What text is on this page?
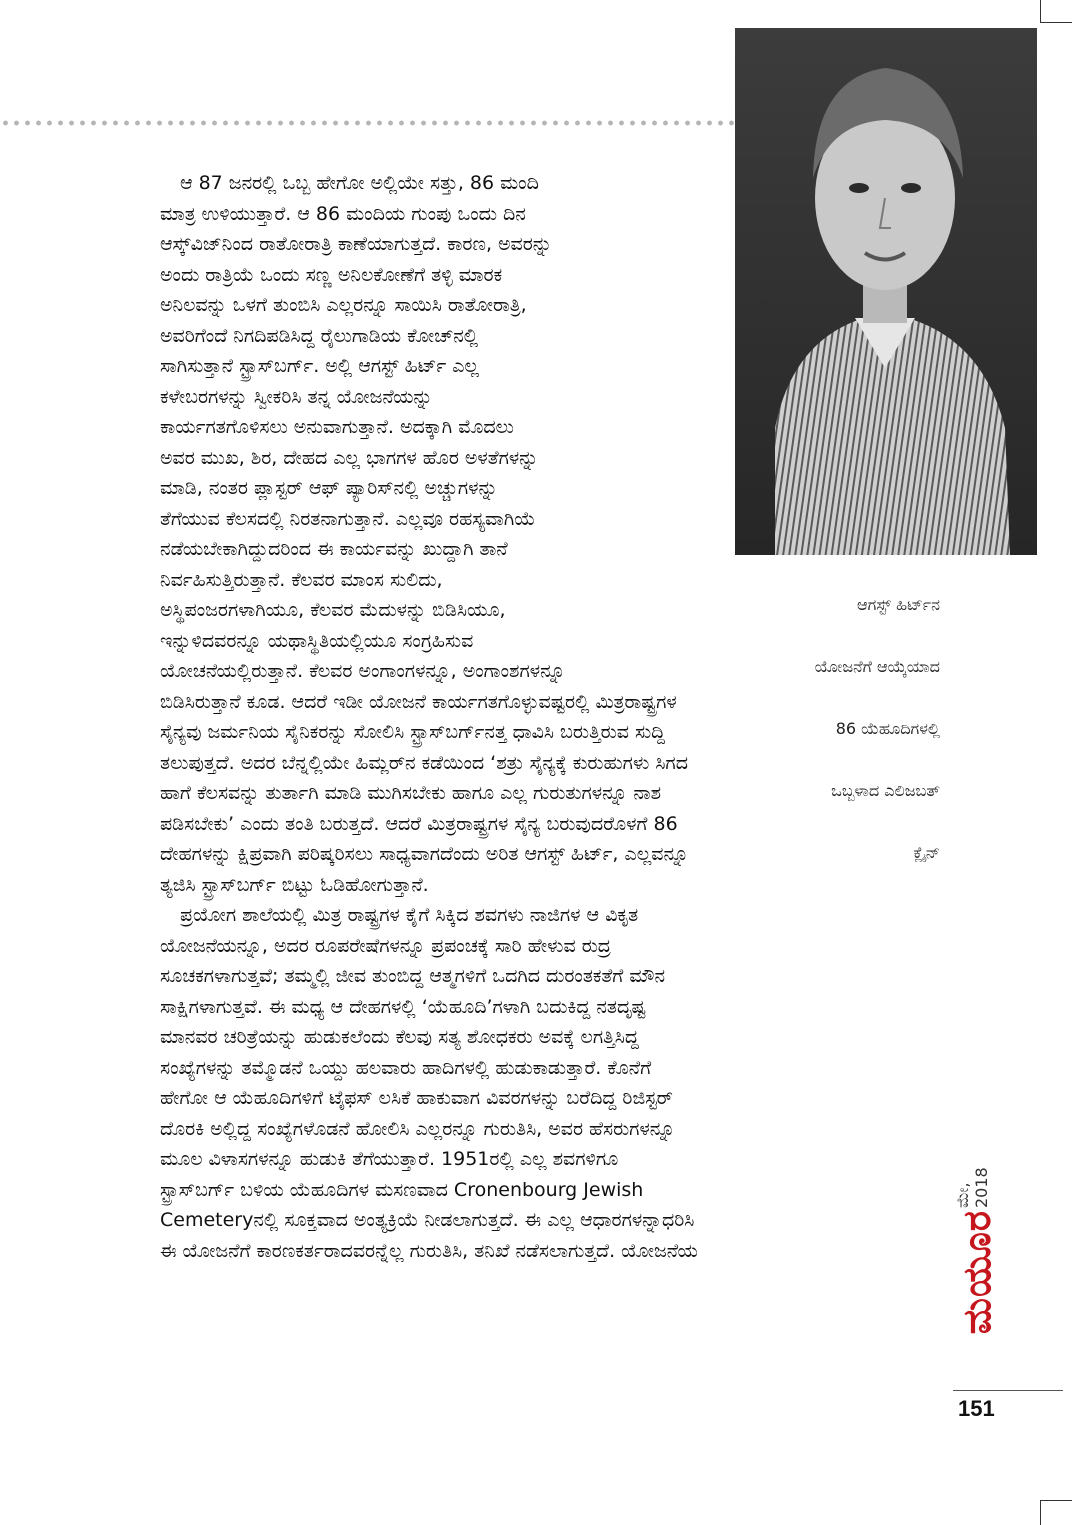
ಆಗಸ್ಟ್ ಹಿರ್ಟ್‌ನ

ಯೋಜನೆಗೆ ಆಯ್ಕೆಯಾದ

86 ಯೆಹೂದಿಗಳಲ್ಲಿ

ಒಬ್ಬಳಾದ ಎಲಿಜಬತ್

ಕ್ಲೈನ್

ಆ 87 ಜನರಲ್ಲಿ ಒಬ್ಬ ಹೇಗೋ ಅಲ್ಲಿಯೇ ಸತ್ತು, 86 ಮಂದಿ
ಮಾತ್ರ ಉಳಿಯುತ್ತಾರೆ. ಆ 86 ಮಂದಿಯ ಗುಂಪು ಒಂದು ದಿನ
ಆಸ್ಕ್‌ವಿಜ್‌ನಿಂದ ರಾತೋರಾತ್ರಿ ಕಾಣೆಯಾಗುತ್ತದೆ. ಕಾರಣ, ಅವರನ್ನು
ಅಂದು ರಾತ್ರಿಯೆ ಒಂದು ಸಣ್ಣ ಅನಿಲಕೋಣೆಗೆ ತಳ್ಳಿ ಮಾರಕ
ಅನಿಲವನ್ನು ಒಳಗೆ ತುಂಬಿಸಿ ಎಲ್ಲರನ್ನೂ ಸಾಯಿಸಿ ರಾತೋರಾತ್ರಿ,
ಅವರಿಗೆಂದೆ ನಿಗದಿಪಡಿಸಿದ್ದ ರೈಲುಗಾಡಿಯ ಕೋಚ್‌ನಲ್ಲಿ
ಸಾಗಿಸುತ್ತಾನೆ ಸ್ಟ್ರಾಸ್‌ಬರ್ಗ್. ಅಲ್ಲಿ ಆಗಸ್ಟ್ ಹಿರ್ಟ್ ಎಲ್ಲ
ಕಳೇಬರಗಳನ್ನು ಸ್ವೀಕರಿಸಿ ತನ್ನ ಯೋಜನೆಯನ್ನು
ಕಾರ್ಯಗತಗೊಳಿಸಲು ಅನುವಾಗುತ್ತಾನೆ. ಅದಕ್ಕಾಗಿ ಮೊದಲು
ಅವರ ಮುಖ, ಶಿರ, ದೇಹದ ಎಲ್ಲ ಭಾಗಗಳ ಹೊರ ಅಳತೆಗಳನ್ನು
ಮಾಡಿ, ನಂತರ ಪ್ಲಾಸ್ಟರ್ ಆಫ್ ಪ್ಯಾರಿಸ್‌ನಲ್ಲಿ ಅಚ್ಚುಗಳನ್ನು
ತೆಗೆಯುವ ಕೆಲಸದಲ್ಲಿ ನಿರತನಾಗುತ್ತಾನೆ. ಎಲ್ಲವೂ ರಹಸ್ಯವಾಗಿಯೆ
ನಡೆಯಬೇಕಾಗಿದ್ದುದರಿಂದ ಈ ಕಾರ್ಯವನ್ನು ಖುದ್ದಾಗಿ ತಾನೆ
ನಿರ್ವಹಿಸುತ್ತಿರುತ್ತಾನೆ. ಕೆಲವರ ಮಾಂಸ ಸುಲಿದು,
ಅಸ್ಥಿಪಂಜರಗಳಾಗಿಯೂ, ಕೆಲವರ ಮೆದುಳನ್ನು ಬಿಡಿಸಿಯೂ,
ಇನ್ನುಳಿದವರನ್ನೂ ಯಥಾಸ್ಥಿತಿಯಲ್ಲಿಯೂ ಸಂಗ್ರಹಿಸುವ
ಯೋಚನೆಯಲ್ಲಿರುತ್ತಾನೆ. ಕೆಲವರ ಅಂಗಾಂಗಳನ್ನೂ, ಅಂಗಾಂಶಗಳನ್ನೂ
ಬಿಡಿಸಿರುತ್ತಾನೆ ಕೂಡ. ಆದರೆ ಇಡೀ ಯೋಜನೆ ಕಾರ್ಯಗತಗೊಳ್ಳುವಷ್ಟರಲ್ಲಿ ಮಿತ್ರರಾಷ್ಟ್ರಗಳ
ಸೈನ್ಯವು ಜರ್ಮನಿಯ ಸೈನಿಕರನ್ನು ಸೋಲಿಸಿ ಸ್ಟ್ರಾಸ್‌ಬರ್ಗ್‌ನತ್ತ ಧಾವಿಸಿ ಬರುತ್ತಿರುವ ಸುದ್ದಿ
ತಲುಪುತ್ತದೆ. ಅದರ ಬೆನ್ನಲ್ಲಿಯೇ ಹಿಮ್ಲರ್‌ನ ಕಡೆಯಿಂದ ‘ಶತ್ರು ಸೈನ್ಯಕ್ಕೆ ಕುರುಹುಗಳು ಸಿಗದ
ಹಾಗೆ ಕೆಲಸವನ್ನು ತುರ್ತಾಗಿ ಮಾಡಿ ಮುಗಿಸಬೇಕು ಹಾಗೂ ಎಲ್ಲ ಗುರುತುಗಳನ್ನೂ ನಾಶ
ಪಡಿಸಬೇಕು’ ಎಂದು ತಂತಿ ಬರುತ್ತದೆ. ಆದರೆ ಮಿತ್ರರಾಷ್ಟ್ರಗಳ ಸೈನ್ಯ ಬರುವುದರೊಳಗೆ 86
ದೇಹಗಳನ್ನು ಕ್ಷಿಪ್ರವಾಗಿ ಪರಿಷ್ಕರಿಸಲು ಸಾಧ್ಯವಾಗದೆಂದು ಅರಿತ ಆಗಸ್ಟ್ ಹಿರ್ಟ್, ಎಲ್ಲವನ್ನೂ
ತ್ಯಜಿಸಿ ಸ್ಟ್ರಾಸ್‌ಬರ್ಗ್ ಬಿಟ್ಟು ಓಡಿಹೋಗುತ್ತಾನೆ.
ಪ್ರಯೋಗ ಶಾಲೆಯಲ್ಲಿ ಮಿತ್ರ ರಾಷ್ಟ್ರಗಳ ಕೈಗೆ ಸಿಕ್ಕಿದ ಶವಗಳು ನಾಜಿಗಳ ಆ ವಿಕೃತ
ಯೋಜನೆಯನ್ನೂ, ಅದರ ರೂಪರೇಷೆಗಳನ್ನೂ ಪ್ರಪಂಚಕ್ಕೆ ಸಾರಿ ಹೇಳುವ ರುದ್ರ
ಸೂಚಕಗಳಾಗುತ್ತವೆ; ತಮ್ಮಲ್ಲಿ ಜೀವ ತುಂಬಿದ್ದ ಆತ್ಮಗಳಿಗೆ ಒದಗಿದ ದುರಂತಕತೆಗೆ ಮೌನ
ಸಾಕ್ಷಿಗಳಾಗುತ್ತವೆ. ಈ ಮಧ್ಯ ಆ ದೇಹಗಳಲ್ಲಿ ‘ಯೆಹೂದಿ’ಗಳಾಗಿ ಬದುಕಿದ್ದ ನತದೃಷ್ಟ
ಮಾನವರ ಚರಿತ್ರೆಯನ್ನು ಹುಡುಕಲೆಂದು ಕೆಲವು ಸತ್ಯ ಶೋಧಕರು ಅವಕ್ಕೆ ಲಗತ್ತಿಸಿದ್ದ
ಸಂಖ್ಯೆಗಳನ್ನು ತಮ್ಮೊಡನೆ ಒಯ್ದು ಹಲವಾರು ಹಾದಿಗಳಲ್ಲಿ ಹುಡುಕಾಡುತ್ತಾರೆ. ಕೊನೆಗೆ
ಹೇಗೋ ಆ ಯೆಹೂದಿಗಳಿಗೆ ಟೈಫಸ್ ಲಸಿಕೆ ಹಾಕುವಾಗ ವಿವರಗಳನ್ನು ಬರೆದಿದ್ದ ರಿಜಿಸ್ಟರ್
ದೊರಕಿ ಅಲ್ಲಿದ್ದ ಸಂಖ್ಯೆಗಳೊಡನೆ ಹೋಲಿಸಿ ಎಲ್ಲರನ್ನೂ ಗುರುತಿಸಿ, ಅವರ ಹೆಸರುಗಳನ್ನೂ
ಮೂಲ ವಿಳಾಸಗಳನ್ನೂ ಹುಡುಕಿ ತೆಗೆಯುತ್ತಾರೆ. 1951ರಲ್ಲಿ ಎಲ್ಲ ಶವಗಳಿಗೂ
ಸ್ಟ್ರಾಸ್‌ಬರ್ಗ್ ಬಳಿಯ ಯೆಹೂದಿಗಳ ಮಸಣವಾದ Cronenbourg Jewish
Cemeteryನಲ್ಲಿ ಸೂಕ್ತವಾದ ಅಂತ್ಯಕ್ರಿಯೆ ನೀಡಲಾಗುತ್ತದೆ. ಈ ಎಲ್ಲ ಆಧಾರಗಳನ್ನಾಧರಿಸಿ
ಈ ಯೋಜನೆಗೆ ಕಾರಣಕರ್ತರಾದವರನ್ನೆಲ್ಲ ಗುರುತಿಸಿ, ತನಿಖೆ ನಡೆಸಲಾಗುತ್ತದೆ. ಯೋಜನೆಯ
ಮೇ, 2018
ಮಯೂರ
151
